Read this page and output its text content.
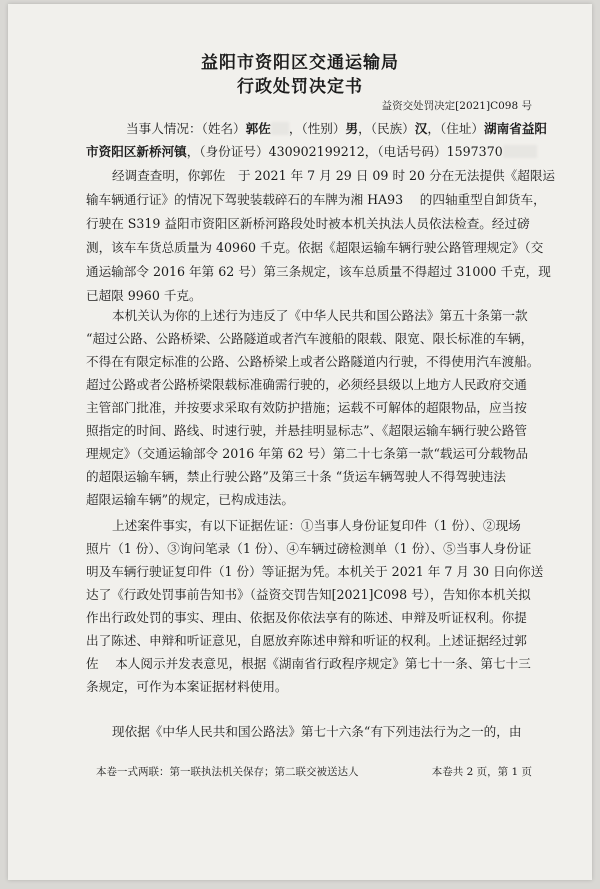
益阳市资阳区交通运输局
行政处罚决定书
益资交处罚决定[2021]C098 号
当事人情况：（姓名）郭佐 ，（性别）男，（民族）汉，（住址）湖南省益阳
市资阳区新桥河镇，（身份证号）430902199212，（电话号码）1597370
经调查查明，你郭佐　于 2021 年 7 月 29 日 09 时 20 分在无法提供《超限运
输车辆通行证》的情况下驾驶装载碎石的车牌为湘 HA93　 的四轴重型自卸货车，
行驶在 S319 益阳市资阳区新桥河路段处时被本机关执法人员依法检查。经过磅
测，该车车货总质量为 40960 千克。依据《超限运输车辆行驶公路管理规定》（交
通运输部令 2016 年第 62 号）第三条规定，该车总质量不得超过 31000 千克，现
已超限 9960 千克。
本机关认为你的上述行为违反了《中华人民共和国公路法》第五十条第一款
“超过公路、公路桥梁、公路隧道或者汽车渡船的限载、限宽、限长标准的车辆，
不得在有限定标准的公路、公路桥梁上或者公路隧道内行驶，不得使用汽车渡船。
超过公路或者公路桥梁限载标准确需行驶的，必须经县级以上地方人民政府交通
主管部门批准，并按要求采取有效防护措施；运载不可解体的超限物品，应当按
照指定的时间、路线、时速行驶，并悬挂明显标志”、《超限运输车辆行驶公路管
理规定》（交通运输部令 2016 年第 62 号）第二十七条第一款“载运可分载物品
的超限运输车辆，禁止行驶公路”及第三十条 “货运车辆驾驶人不得驾驶违法
超限运输车辆”的规定，已构成违法。
上述案件事实，有以下证据佐证：①当事人身份证复印件（1 份）、②现场
照片（1 份）、③询问笔录（1 份）、④车辆过磅检测单（1 份）、⑤当事人身份证
明及车辆行驶证复印件（1 份）等证据为凭。本机关于 2021 年 7 月 30 日向你送
达了《行政处罚事前告知书》（益资交罚告知[2021]C098 号），告知你本机关拟
作出行政处罚的事实、理由、依据及你依法享有的陈述、申辩及听证权利。你提
出了陈述、申辩和听证意见，自愿放弃陈述申辩和听证的权利。上述证据经过郭
佐　 本人阅示并发表意见，根据《湖南省行政程序规定》第七十一条、第七十三
条规定，可作为本案证据材料使用。
现依据《中华人民共和国公路法》第七十六条“有下列违法行为之一的，由
本卷一式两联：第一联执法机关保存；第二联交被送达人	本卷共 2 页，第 1 页
